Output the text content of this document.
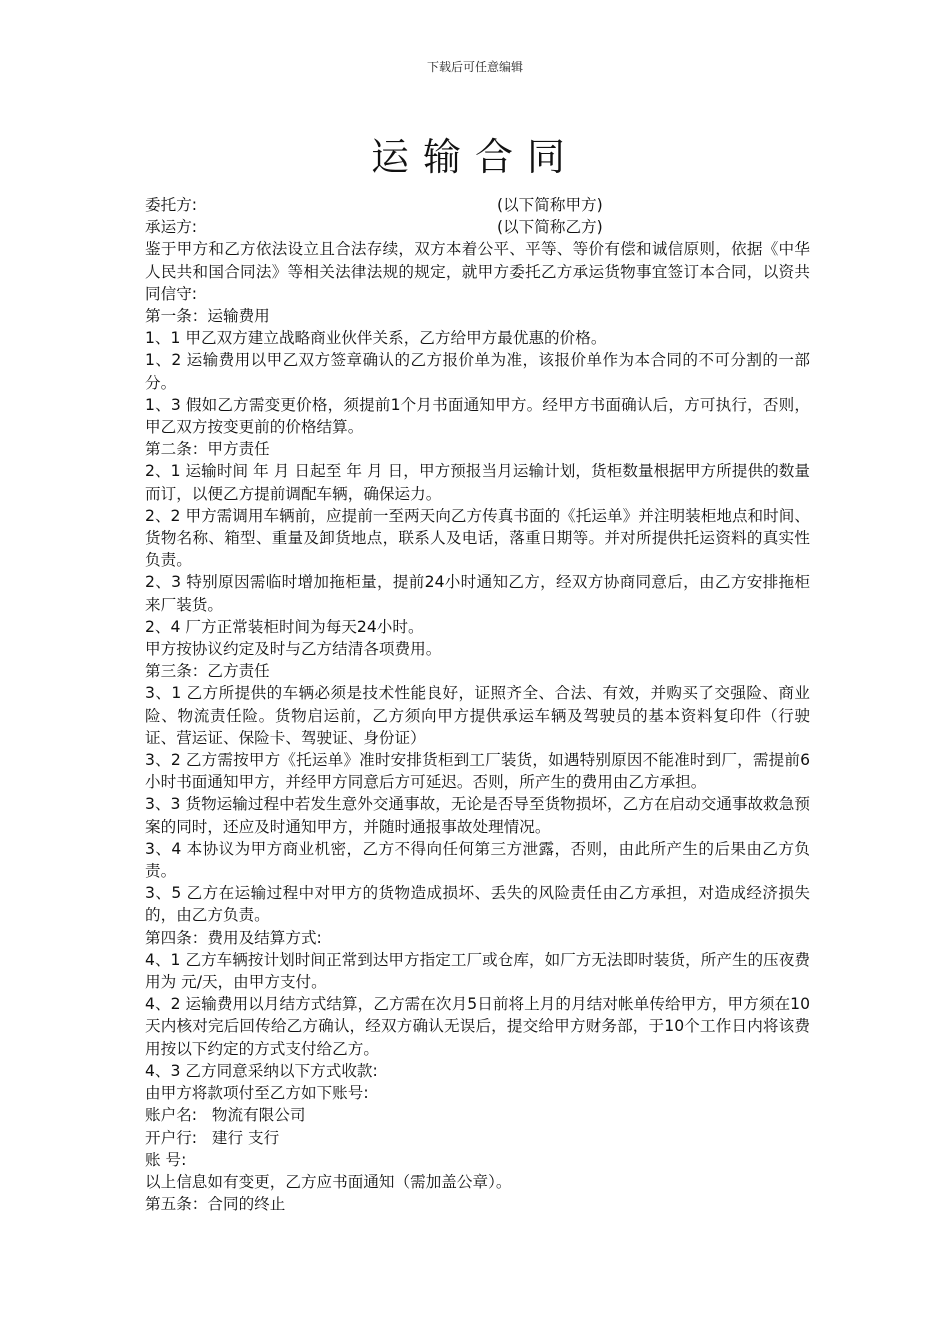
下载后可任意编辑
运输合同
委托方:	(以下简称甲方)
承运方:	(以下简称乙方)

鉴于甲方和乙方依法设立且合法存续，双方本着公平、平等、等价有偿和诚信原则，依据《中华人民共和国合同法》等相关法律法规的规定，就甲方委托乙方承运货物事宜签订本合同，以资共同信守:

第一条：运输费用

1、1 甲乙双方建立战略商业伙伴关系，乙方给甲方最优惠的价格。

1、2 运输费用以甲乙双方签章确认的乙方报价单为准，该报价单作为本合同的不可分割的一部分。

1、3 假如乙方需变更价格，须提前1个月书面通知甲方。经甲方书面确认后，方可执行，否则，甲乙双方按变更前的价格结算。

第二条：甲方责任

2、1 运输时间 年 月 日起至 年 月 日，甲方预报当月运输计划，货柜数量根据甲方所提供的数量而订，以便乙方提前调配车辆，确保运力。

2、2 甲方需调用车辆前，应提前一至两天向乙方传真书面的《托运单》并注明装柜地点和时间、货物名称、箱型、重量及卸货地点，联系人及电话，落重日期等。并对所提供托运资料的真实性负责。

2、3 特别原因需临时增加拖柜量，提前24小时通知乙方，经双方协商同意后，由乙方安排拖柜来厂装货。

2、4 厂方正常装柜时间为每天24小时。

甲方按协议约定及时与乙方结清各项费用。

第三条：乙方责任

3、1 乙方所提供的车辆必须是技术性能良好，证照齐全、合法、有效，并购买了交强险、商业险、物流责任险。货物启运前，乙方须向甲方提供承运车辆及驾驶员的基本资料复印件（行驶证、营运证、保险卡、驾驶证、身份证）

3、2 乙方需按甲方《托运单》准时安排货柜到工厂装货，如遇特别原因不能准时到厂，需提前6小时书面通知甲方，并经甲方同意后方可延迟。否则，所产生的费用由乙方承担。

3、3 货物运输过程中若发生意外交通事故，无论是否导至货物损坏，乙方在启动交通事故救急预案的同时，还应及时通知甲方，并随时通报事故处理情况。

3、4 本协议为甲方商业机密，乙方不得向任何第三方泄露，否则，由此所产生的后果由乙方负责。

3、5 乙方在运输过程中对甲方的货物造成损坏、丢失的风险责任由乙方承担，对造成经济损失的，由乙方负责。

第四条：费用及结算方式:

4、1 乙方车辆按计划时间正常到达甲方指定工厂或仓库，如厂方无法即时装货，所产生的压夜费用为 元/天，由甲方支付。

4、2 运输费用以月结方式结算，乙方需在次月5日前将上月的月结对帐单传给甲方，甲方须在10天内核对完后回传给乙方确认，经双方确认无误后，提交给甲方财务部，于10个工作日内将该费用按以下约定的方式支付给乙方。

4、3 乙方同意采纳以下方式收款:

由甲方将款项付至乙方如下账号:

账户名:   物流有限公司

开户行:   建行 支行

账 号:

以上信息如有变更，乙方应书面通知（需加盖公章）。

第五条：合同的终止
